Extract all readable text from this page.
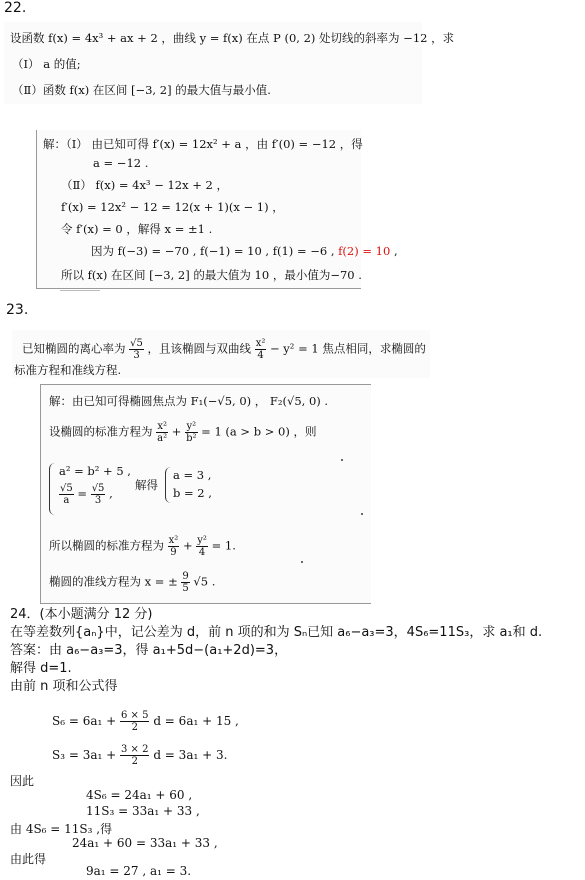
22.
设函数 f(x) = 4x³ + ax + 2 ，曲线 y = f(x) 在点 P (0, 2) 处切线的斜率为 −12 ，求
（Ⅰ） a 的值;
（Ⅱ）函数 f(x) 在区间 [−3, 2] 的最大值与最小值.
解：（Ⅰ） 由已知可得 f′(x) = 12x² + a ，由 f′(0) = −12 ，得
a = −12 .
（Ⅱ） f(x) = 4x³ − 12x + 2 ，
f′(x) = 12x² − 12 = 12(x + 1)(x − 1) ，
令 f′(x) = 0 ，解得 x = ±1 .
因为 f(−3) = −70 , f(−1) = 10 , f(1) = −6 , f(2) = 10 ,
所以 f(x) 在区间 [−3, 2] 的最大值为 10 ，最小值为−70 .
23.
已知椭圆的离心率为 $\frac{√5}{3}$ ，且该椭圆与双曲线 $\frac{\text{x²}}{4} - y^2 = 1$ 焦点相同，求椭圆的
标准方程和准线方程.
解：由已知可得椭圆焦点为 F₁(−√5, 0) ， F₂(√5, 0) .
设椭圆的标准方程为 $\frac{\text{x²}}{\text{a²}} + \frac{\text{y²}}{\text{b²}} = 1$ (a > b > 0) ，则
a² = b² + 5 ,
$\frac{√5}{a} = \frac{√5}{3}$ ,
解得
a = 3 ,
b = 2 ,
所以椭圆的标准方程为 $\frac{\text{x²}}{9} + \frac{\text{y²}}{4} = 1$.
椭圆的准线方程为 x = ± $\frac{9}{5} √5$ .
24．(本小题满分 12 分)
在等差数列{aₙ}中，记公差为 d，前 n 项的和为 Sₙ已知 a₆−a₃=3，4S₆=11S₃，求 a₁和 d.
答案：由 a₆−a₃=3，得 a₁+5d−(a₁+2d)=3，
解得 d=1.
由前 n 项和公式得
$S_6 = 6a_1 + \frac{6 \times 5}{2}$ d = 6a₁ + 15 ,
$S_3 = 3a_1 + \frac{3 \times 2}{2}$ d = 3a₁ + 3.
因此
4S₆ = 24a₁ + 60 ,
11S₃ = 33a₁ + 33 ,
由 4S₆ = 11S₃ ,得
24a₁ + 60 = 33a₁ + 33 ,
由此得
9a₁ = 27 , a₁ = 3.
